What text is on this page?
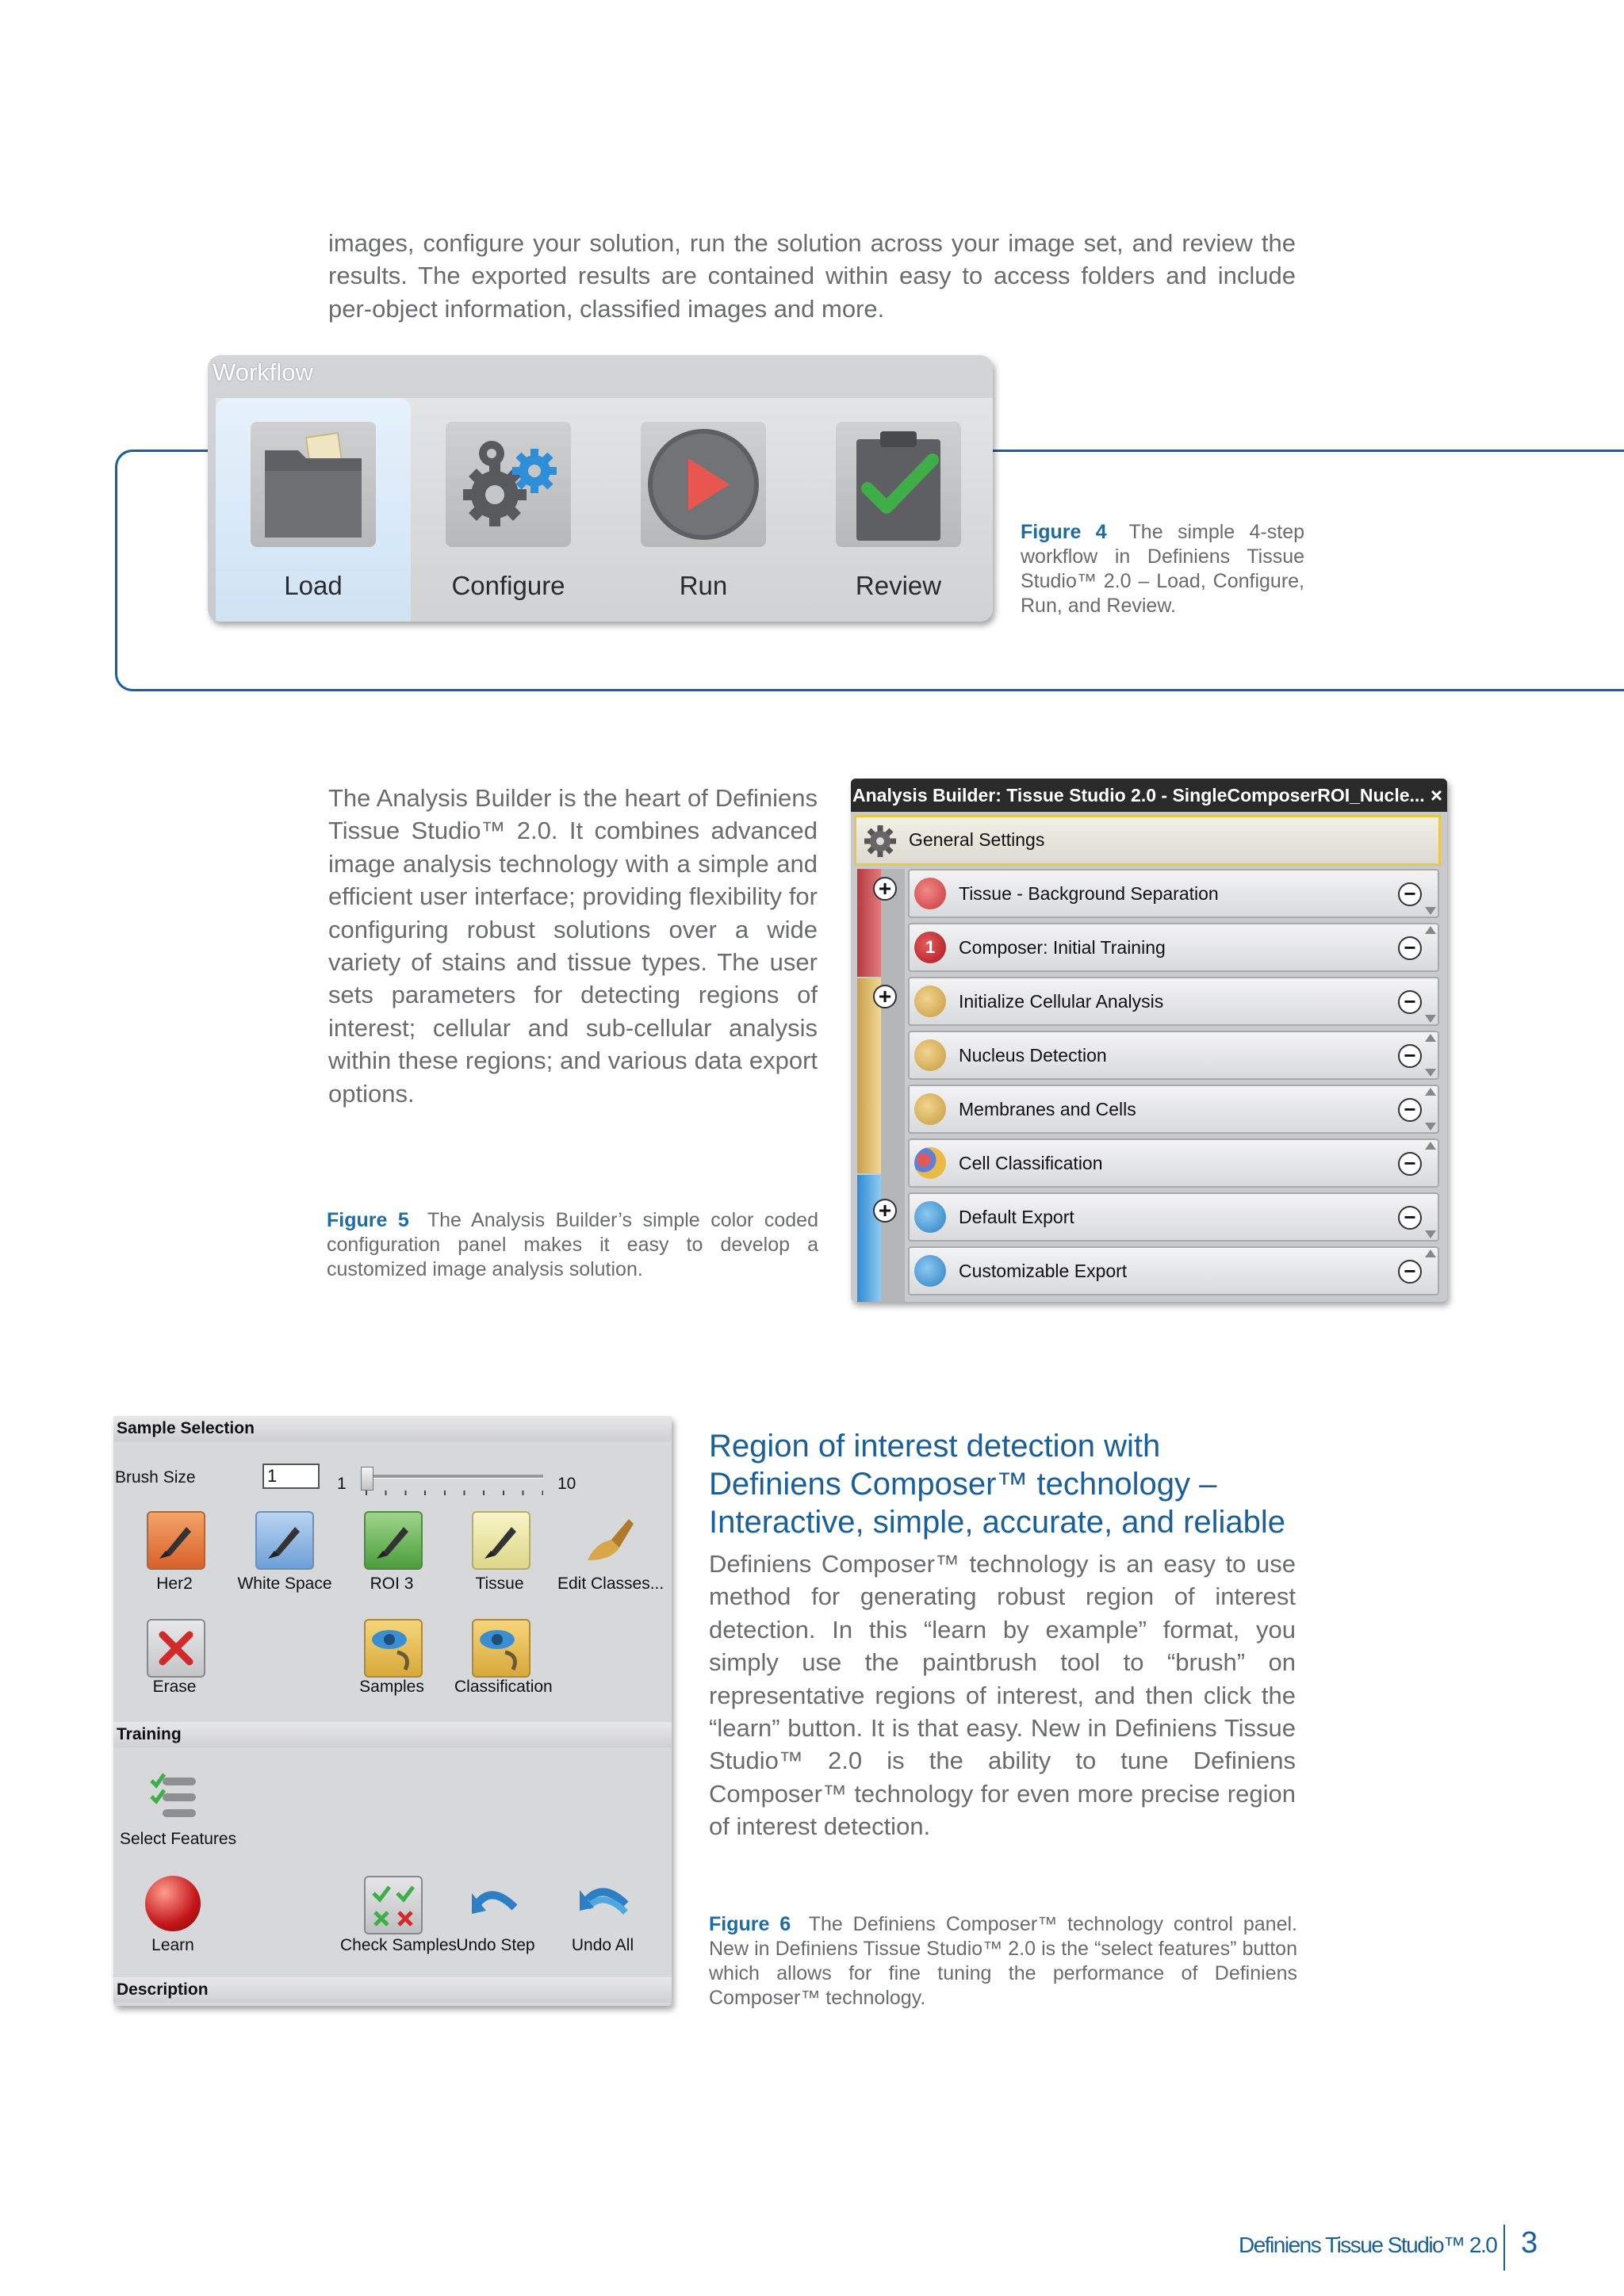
images, configure your solution, run the solution across your image set, and review the results. The exported results are contained within easy to access folders and include per-object information, classified images and more.
Workflow
Load	Configure	Run	Review
Figure 4 The simple 4-step workflow in Definiens Tissue Studio™ 2.0 – Load, Configure, Run, and Review.
The Analysis Builder is the heart of Definiens Tissue Studio™ 2.0. It combines advanced image analysis technology with a simple and efficient user interface; providing flexibility for configuring robust solutions over a wide variety of stains and tissue types. The user sets parameters for detecting regions of interest; cellular and sub-cellular analysis within these regions; and various data export options.
Figure 5 The Analysis Builder’s simple color coded configuration panel makes it easy to develop a customized image analysis solution.
Analysis Builder: Tissue Studio 2.0 - SingleComposerROI_Nucle... ×
General Settings
+
+
+
Tissue - Background Separation	−
1 Composer: Initial Training	−
Initialize Cellular Analysis	−
Nucleus Detection	−
Membranes and Cells	−
Cell Classification	−
Default Export	−
Customizable Export	−
Sample Selection
Brush Size	1	1	10
Her2	White Space	ROI 3	Tissue Edit Classes...
Erase	Samples Classification
Training
Select Features
Learn	Check Samples Undo Step Undo All
Description
Region of interest detection with Definiens Composer™ technology – Interactive, simple, accurate, and reliable
Definiens Composer™ technology is an easy to use method for generating robust region of interest detection. In this “learn by example” format, you simply use the paintbrush tool to “brush” on representative regions of interest, and then click the “learn” button. It is that easy. New in Definiens Tissue Studio™ 2.0 is the ability to tune Definiens Composer™ technology for even more precise region of interest detection.
Figure 6 The Definiens Composer™ technology control panel. New in Definiens Tissue Studio™ 2.0 is the “select features” button which allows for fine tuning the performance of Definiens Composer™ technology.
Definiens Tissue Studio™ 2.0 3
